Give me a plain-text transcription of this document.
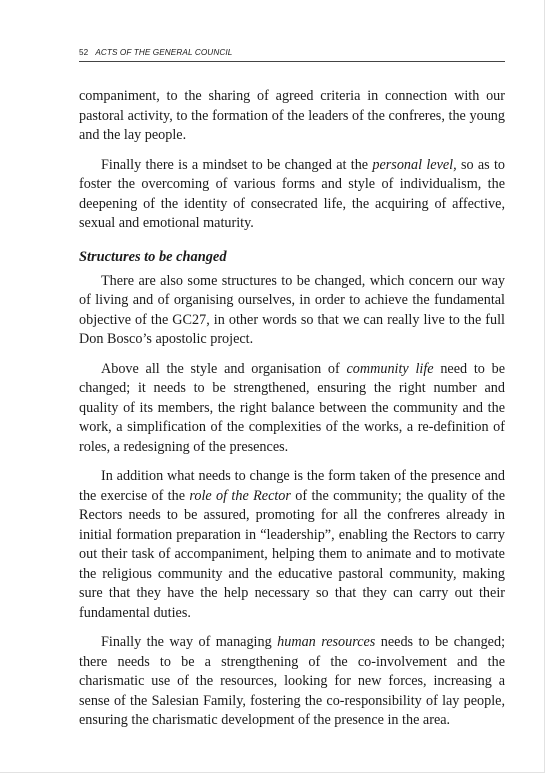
52 ACTS OF THE GENERAL COUNCIL

companiment, to the sharing of agreed criteria in connection with our pastoral activity, to the formation of the leaders of the confreres, the young and the lay people.

Finally there is a mindset to be changed at the personal level, so as to foster the overcoming of various forms and style of individualism, the deepening of the identity of consecrated life, the acquiring of affective, sexual and emotional maturity.

Structures to be changed

There are also some structures to be changed, which concern our way of living and of organising ourselves, in order to achieve the fundamental objective of the GC27, in other words so that we can really live to the full Don Bosco’s apostolic project.

Above all the style and organisation of community life need to be changed; it needs to be strengthened, ensuring the right number and quality of its members, the right balance between the community and the work, a simplification of the complexities of the works, a re-definition of roles, a redesigning of the presences.

In addition what needs to change is the form taken of the presence and the exercise of the role of the Rector of the community; the quality of the Rectors needs to be assured, promoting for all the confreres already in initial formation preparation in “leadership”, enabling the Rectors to carry out their task of accompaniment, helping them to animate and to motivate the religious community and the educative pastoral community, making sure that they have the help necessary so that they can carry out their fundamental duties.

Finally the way of managing human resources needs to be changed; there needs to be a strengthening of the co-involvement and the charismatic use of the resources, looking for new forces, increasing a sense of the Salesian Family, fostering the co-responsibility of lay people, ensuring the charismatic development of the presence in the area.
